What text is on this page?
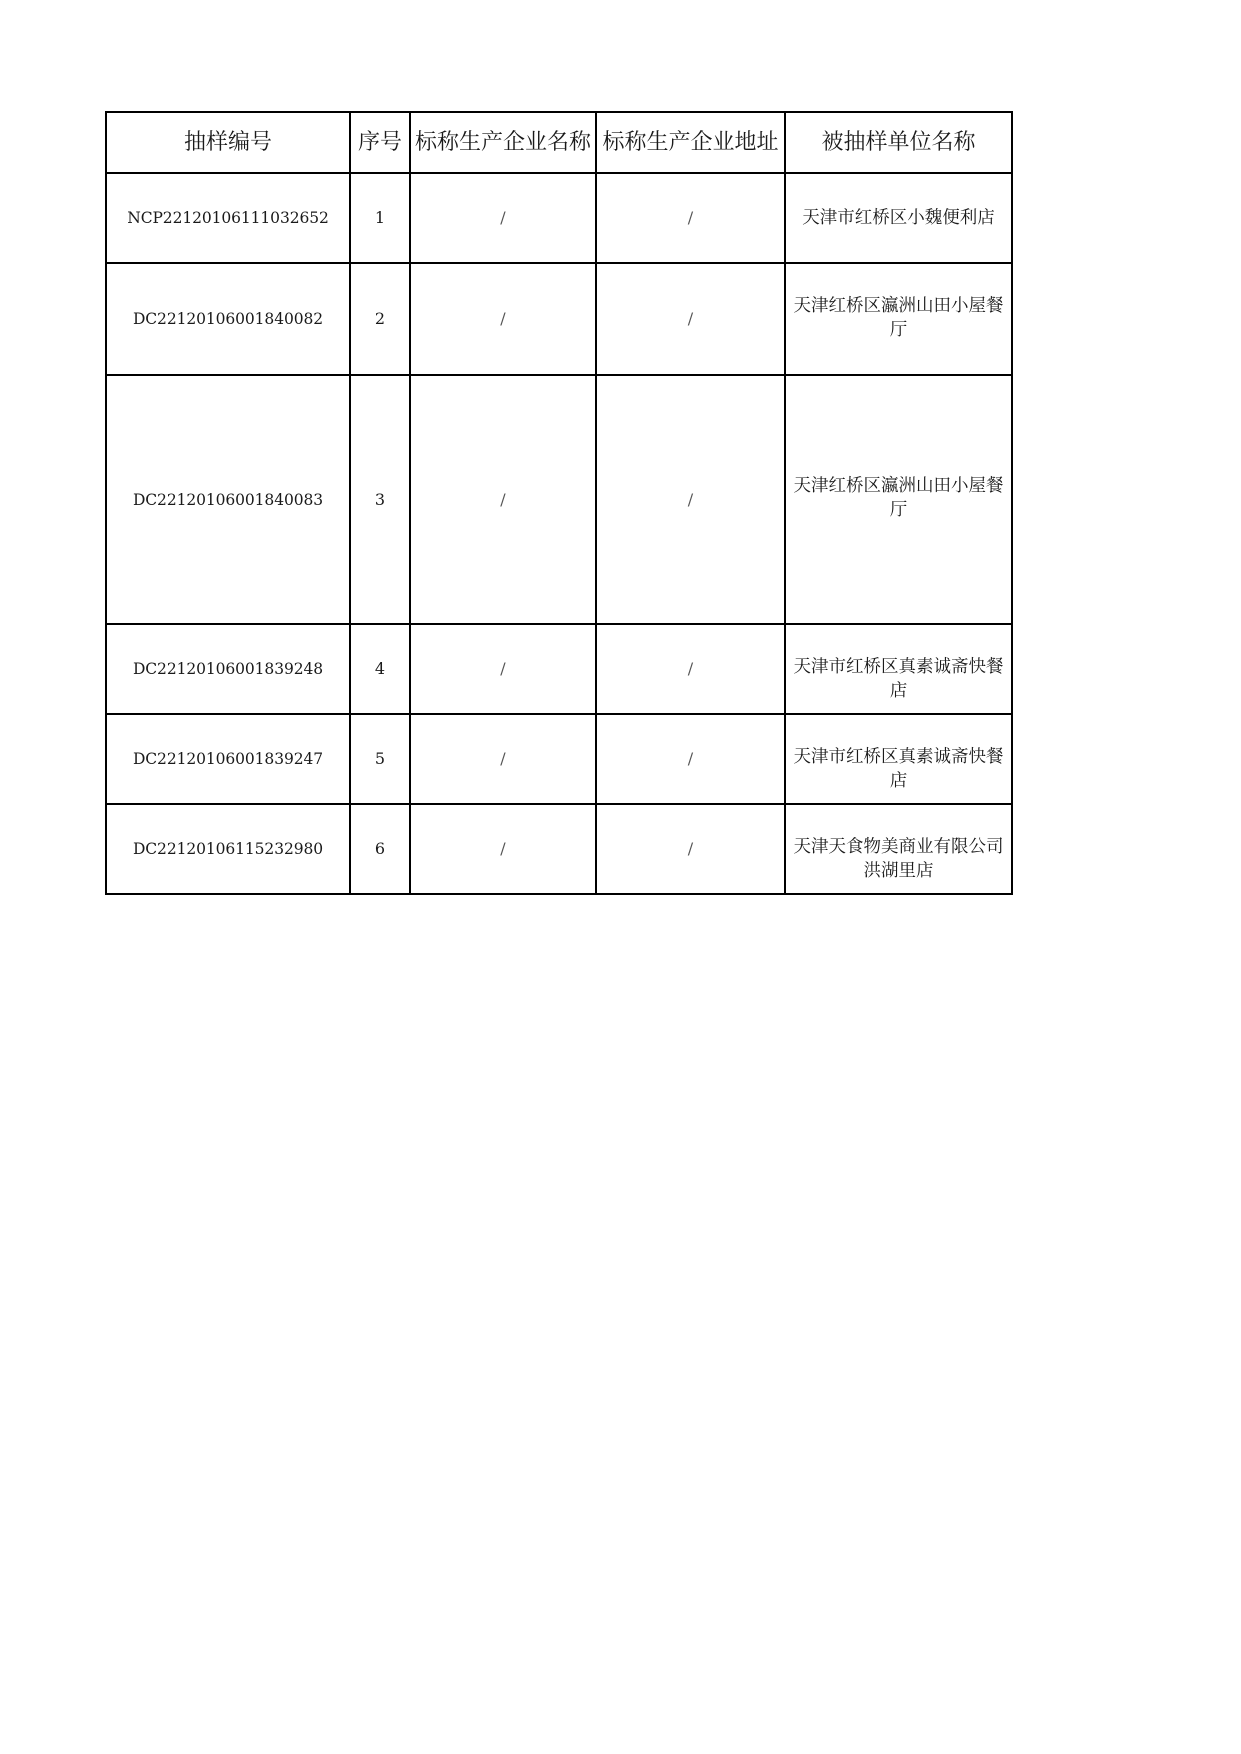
抽样编号	序号	标称生产企业名称	标称生产企业地址	被抽样单位名称
NCP22120106111032652	1	/	/	天津市红桥区小魏便利店
DC22120106001840082	2	/	/	天津红桥区瀛洲山田小屋餐厅
DC22120106001840083	3	/	/	天津红桥区瀛洲山田小屋餐厅
DC22120106001839248	4	/	/	天津市红桥区真素诚斋快餐店
DC22120106001839247	5	/	/	天津市红桥区真素诚斋快餐店
DC22120106115232980	6	/	/	天津天食物美商业有限公司洪湖里店
